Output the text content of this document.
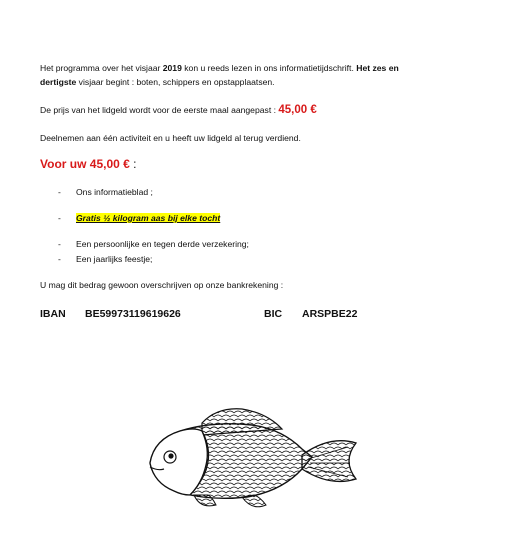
Het programma over het visjaar 2019 kon u reeds lezen in ons informatietijdschrift. Het zes en
dertigste visjaar begint : boten, schippers en opstapplaatsen.
De prijs van het lidgeld wordt voor de eerste maal aangepast : 45,00 €
Deelnemen aan één activiteit en u heeft uw lidgeld al terug verdiend.
Voor uw 45,00 € :
- Ons informatieblad ;
- Gratis ½ kilogram aas bij elke tocht
- Een persoonlijke en tegen derde verzekering;
- Een jaarlijks feestje;
U mag dit bedrag gewoon overschrijven op onze bankrekening :
IBAN BE59973119619626	BIC ARSPBE22
